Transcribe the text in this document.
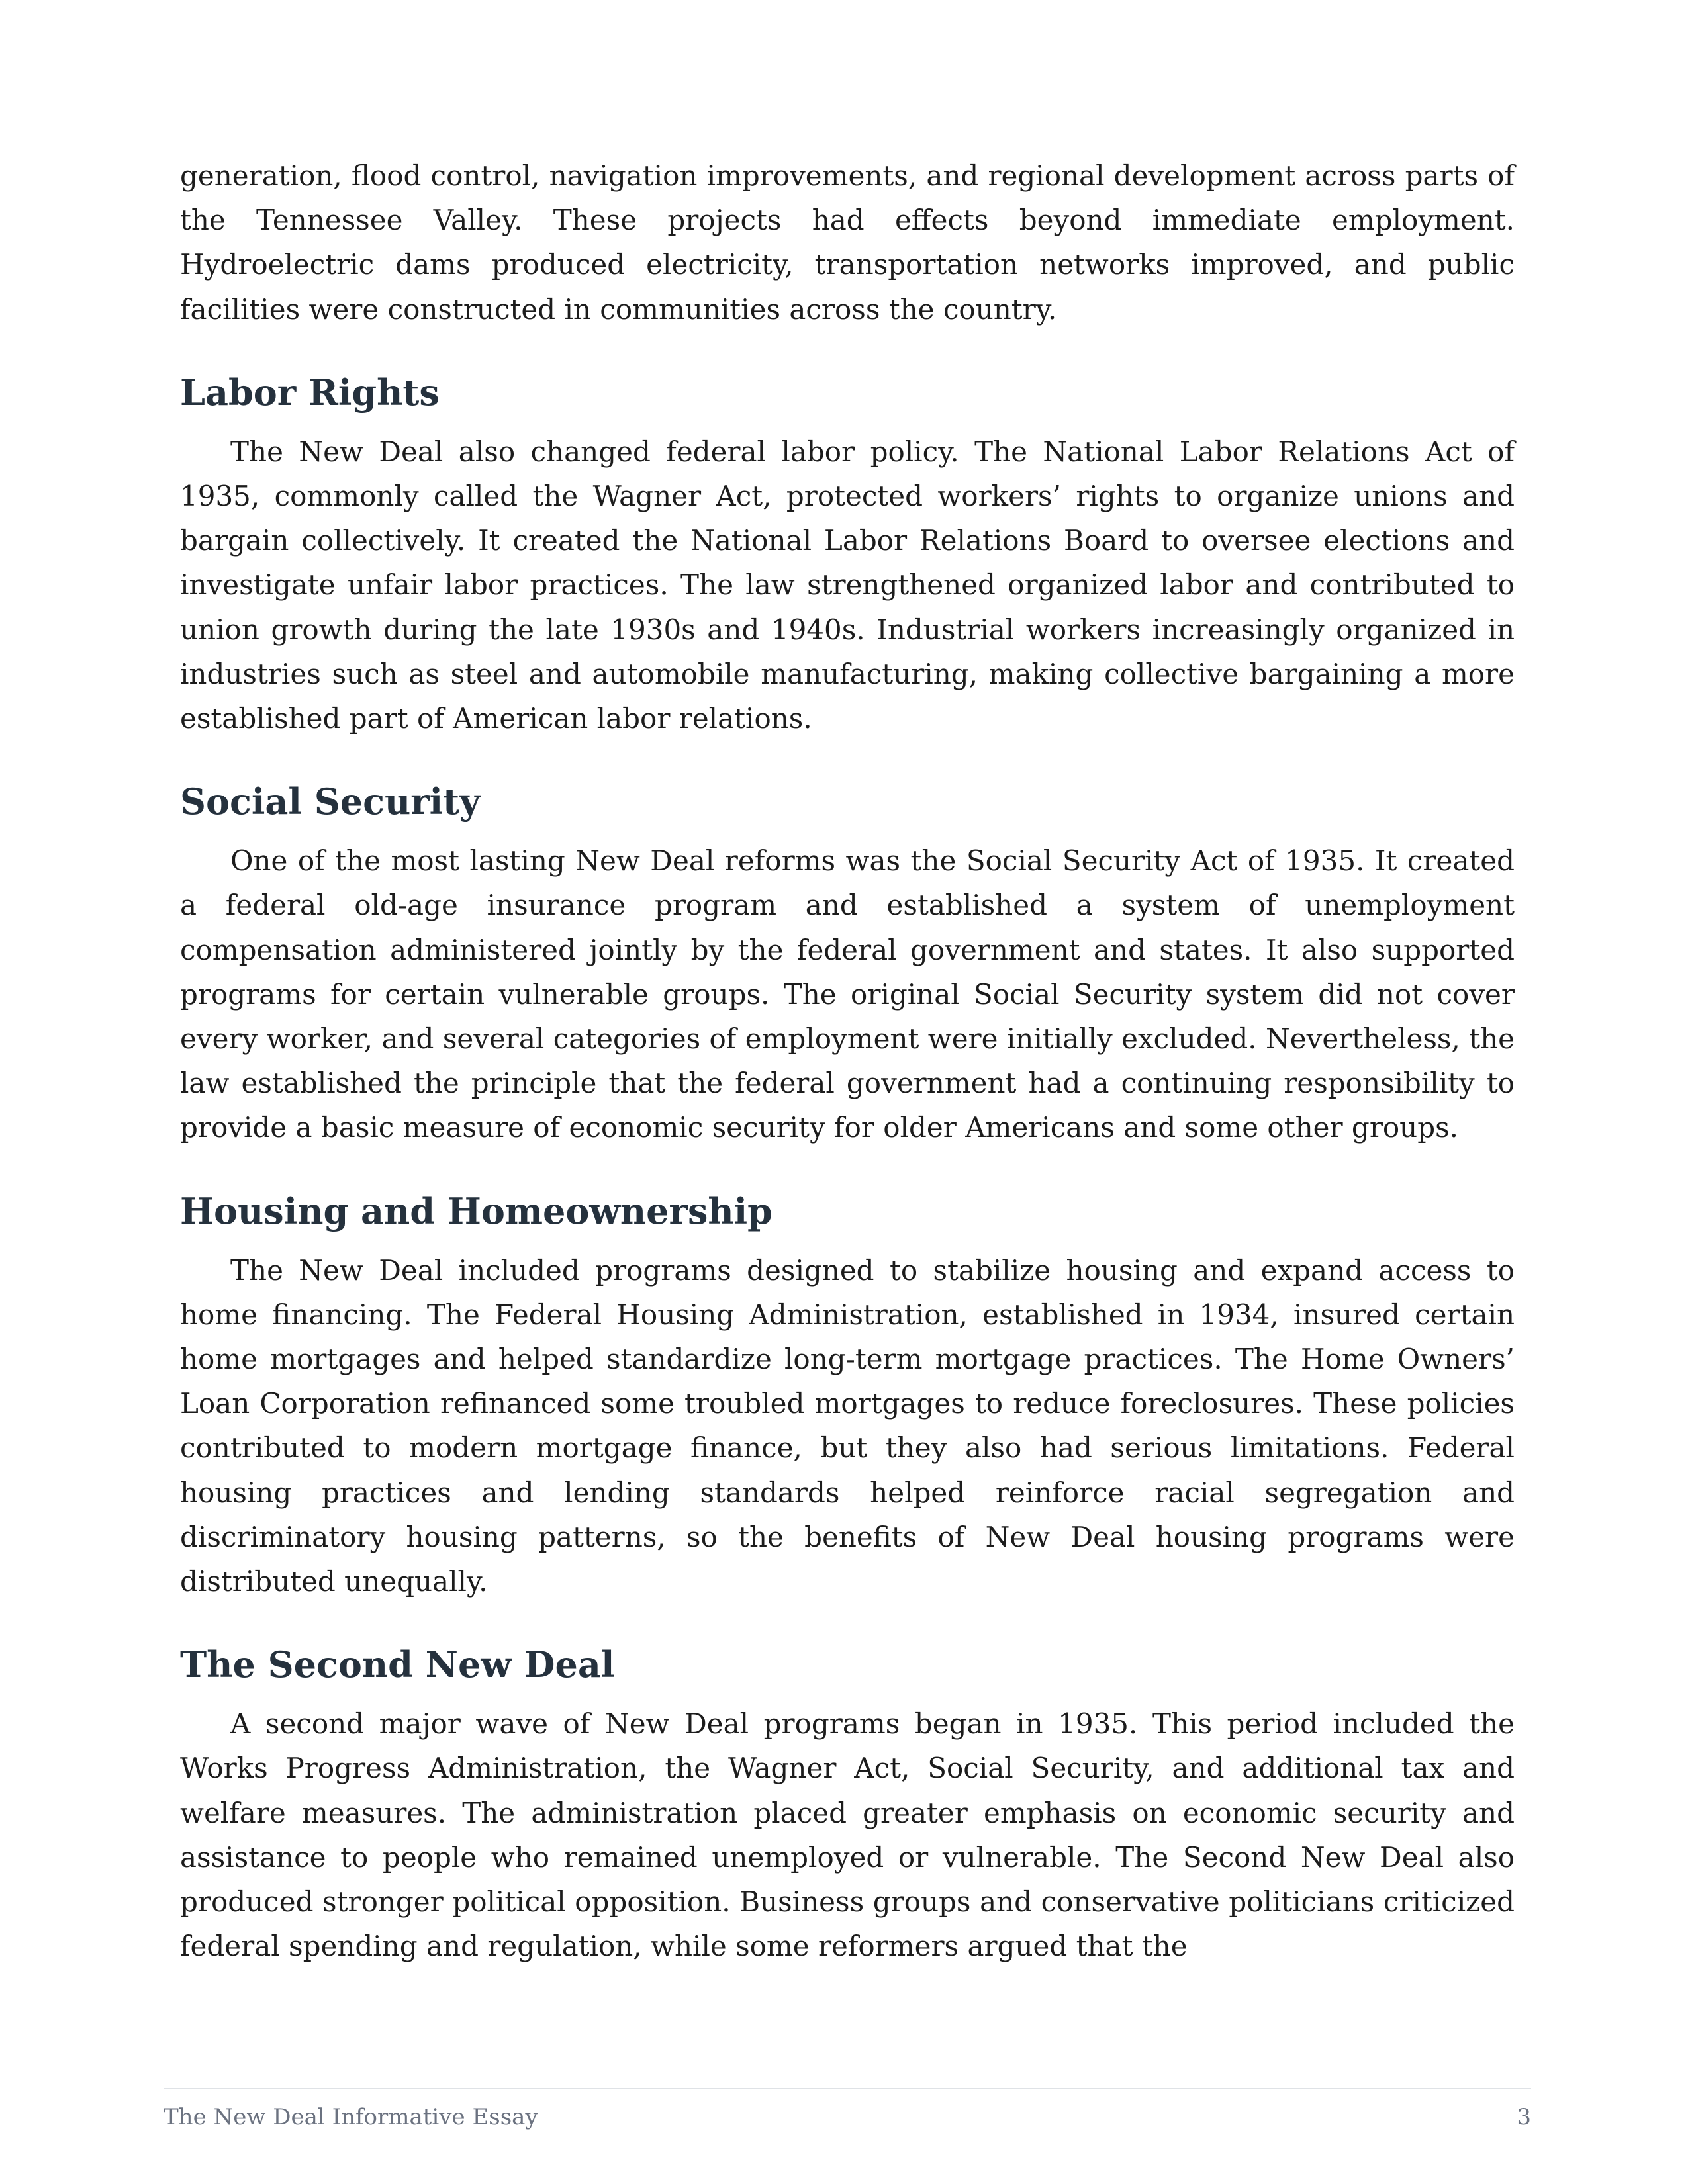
generation, flood control, navigation improvements, and regional development across parts of the Tennessee Valley. These projects had effects beyond immediate employment. Hydroelectric dams produced electricity, transportation networks improved, and public facilities were constructed in communities across the country.

Labor Rights

The New Deal also changed federal labor policy. The National Labor Relations Act of 1935, commonly called the Wagner Act, protected workers’ rights to organize unions and bargain collectively. It created the National Labor Relations Board to oversee elections and investigate unfair labor practices. The law strengthened organized labor and contributed to union growth during the late 1930s and 1940s. Industrial workers increasingly organized in industries such as steel and automobile manufacturing, making collective bargaining a more established part of American labor relations.

Social Security

One of the most lasting New Deal reforms was the Social Security Act of 1935. It created a federal old-age insurance program and established a system of unemployment compensation administered jointly by the federal government and states. It also supported programs for certain vulnerable groups. The original Social Security system did not cover every worker, and several categories of employment were initially excluded. Nevertheless, the law established the principle that the federal government had a continuing responsibility to provide a basic measure of economic security for older Americans and some other groups.

Housing and Homeownership

The New Deal included programs designed to stabilize housing and expand access to home financing. The Federal Housing Administration, established in 1934, insured certain home mortgages and helped standardize long-term mortgage practices. The Home Owners’ Loan Corporation refinanced some troubled mortgages to reduce foreclosures. These policies contributed to modern mortgage finance, but they also had serious limitations. Federal housing practices and lending standards helped reinforce racial segregation and discriminatory housing patterns, so the benefits of New Deal housing programs were distributed unequally.

The Second New Deal

A second major wave of New Deal programs began in 1935. This period included the Works Progress Administration, the Wagner Act, Social Security, and additional tax and welfare measures. The administration placed greater emphasis on economic security and assistance to people who remained unemployed or vulnerable. The Second New Deal also produced stronger political opposition. Business groups and conservative politicians criticized federal spending and regulation, while some reformers argued that the

The New Deal Informative Essay	3
